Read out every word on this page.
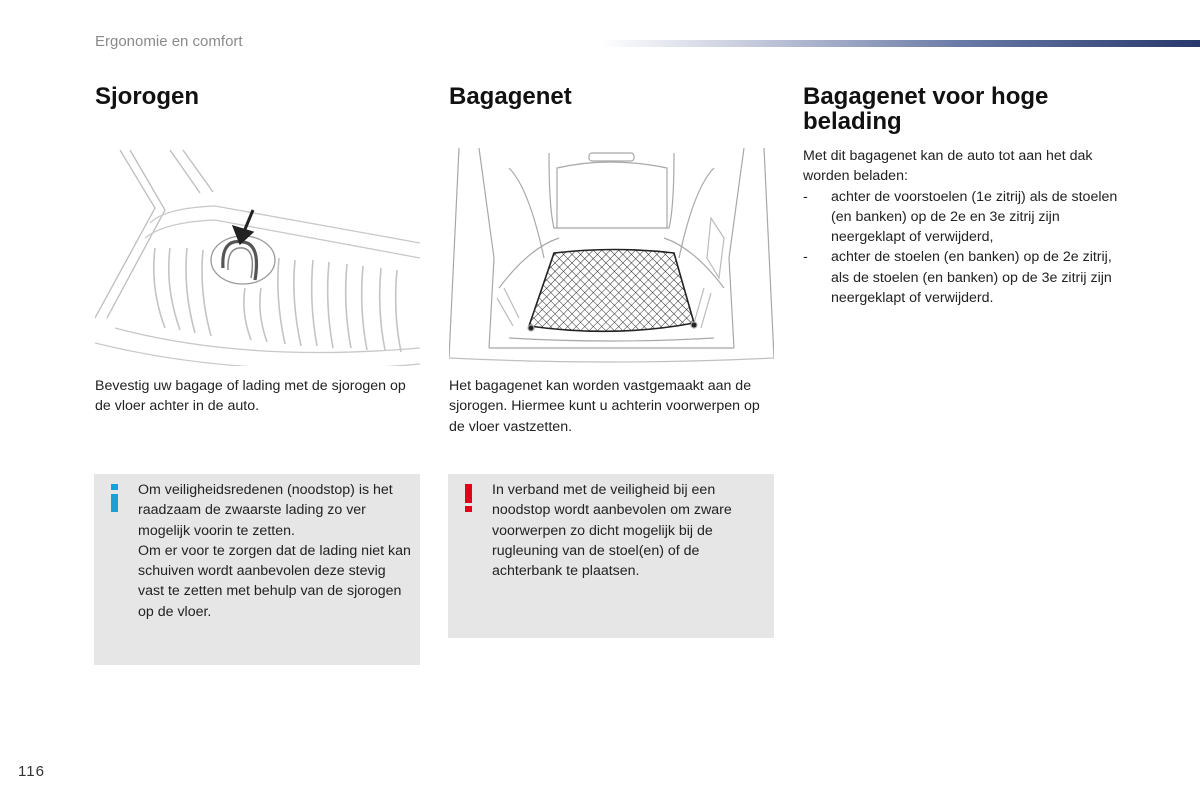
Ergonomie en comfort
Sjorogen
Bevestig uw bagage of lading met de sjorogen op de vloer achter in de auto.
Om veiligheidsredenen (noodstop) is het raadzaam de zwaarste lading zo ver mogelijk voorin te zetten.
Om er voor te zorgen dat de lading niet kan schuiven wordt aanbevolen deze stevig vast te zetten met behulp van de sjorogen op de vloer.
Bagagenet
Het bagagenet kan worden vastgemaakt aan de sjorogen. Hiermee kunt u achterin voorwerpen op de vloer vastzetten.
In verband met de veiligheid bij een noodstop wordt aanbevolen om zware voorwerpen zo dicht mogelijk bij de rugleuning van de stoel(en) of de achterbank te plaatsen.
Bagagenet voor hoge belading
Met dit bagagenet kan de auto tot aan het dak worden beladen:
- achter de voorstoelen (1e zitrij) als de stoelen (en banken) op de 2e en 3e zitrij zijn neergeklapt of verwijderd,
- achter de stoelen (en banken) op de 2e zitrij, als de stoelen (en banken) op de 3e zitrij zijn neergeklapt of verwijderd.
116
